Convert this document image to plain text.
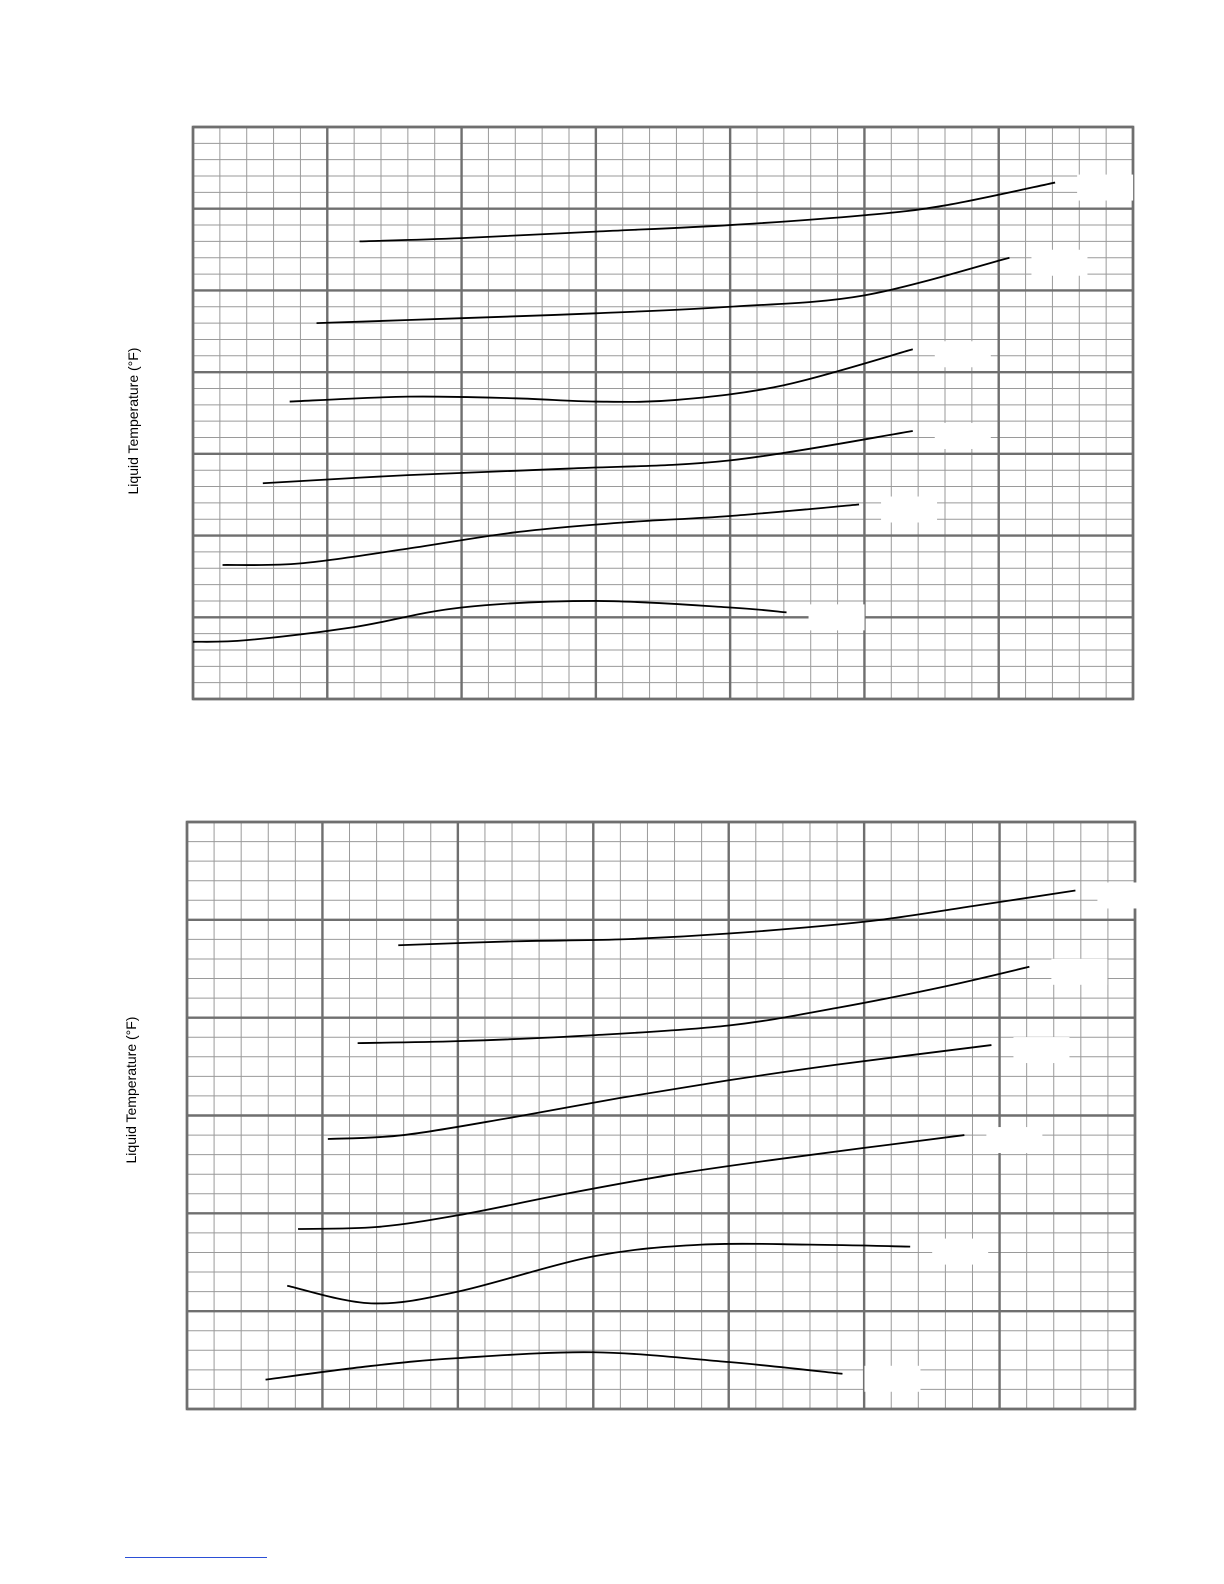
Liquid Temperature (°F)
Liquid Temperature (°F)
